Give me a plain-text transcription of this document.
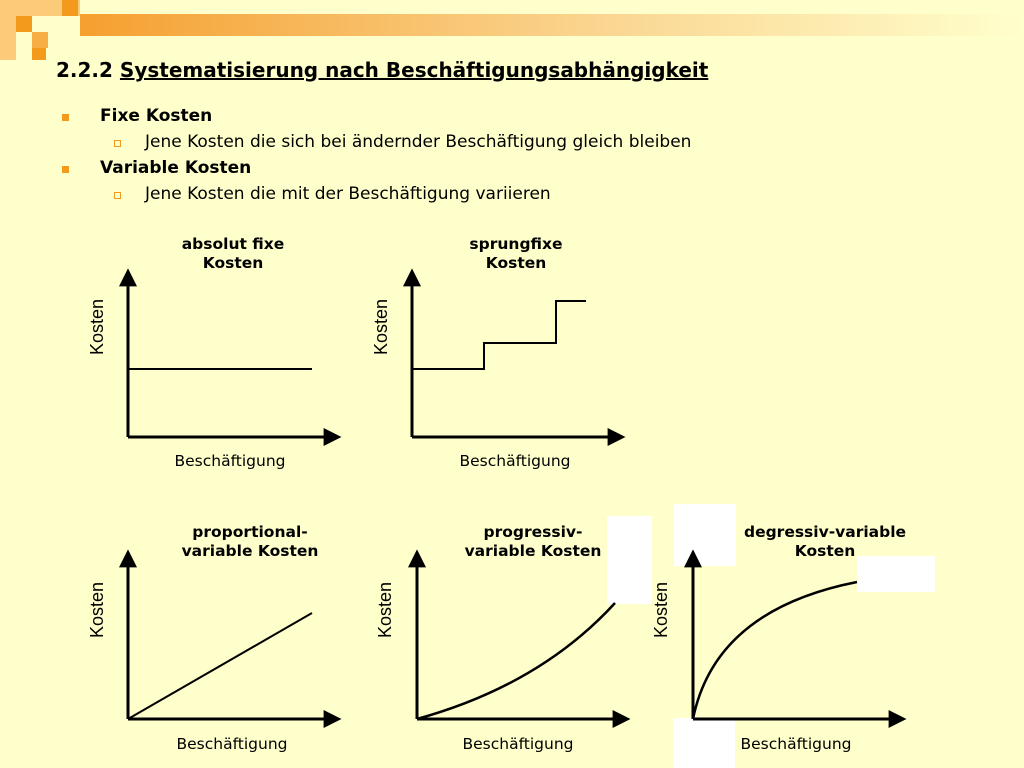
2.2.2 Systematisierung nach Beschäftigungsabhängigkeit
Fixe Kosten
Jene Kosten die sich bei ändernder Beschäftigung gleich bleiben
Variable Kosten
Jene Kosten die mit der Beschäftigung variieren
absolut fixe
Kosten
Beschäftigung
Kosten
sprungfixe
Kosten
Beschäftigung
Kosten
proportional-
variable Kosten
Beschäftigung
Kosten
progressiv-
variable Kosten
Beschäftigung
Kosten
degressiv-variable
Kosten
Beschäftigung
Kosten
